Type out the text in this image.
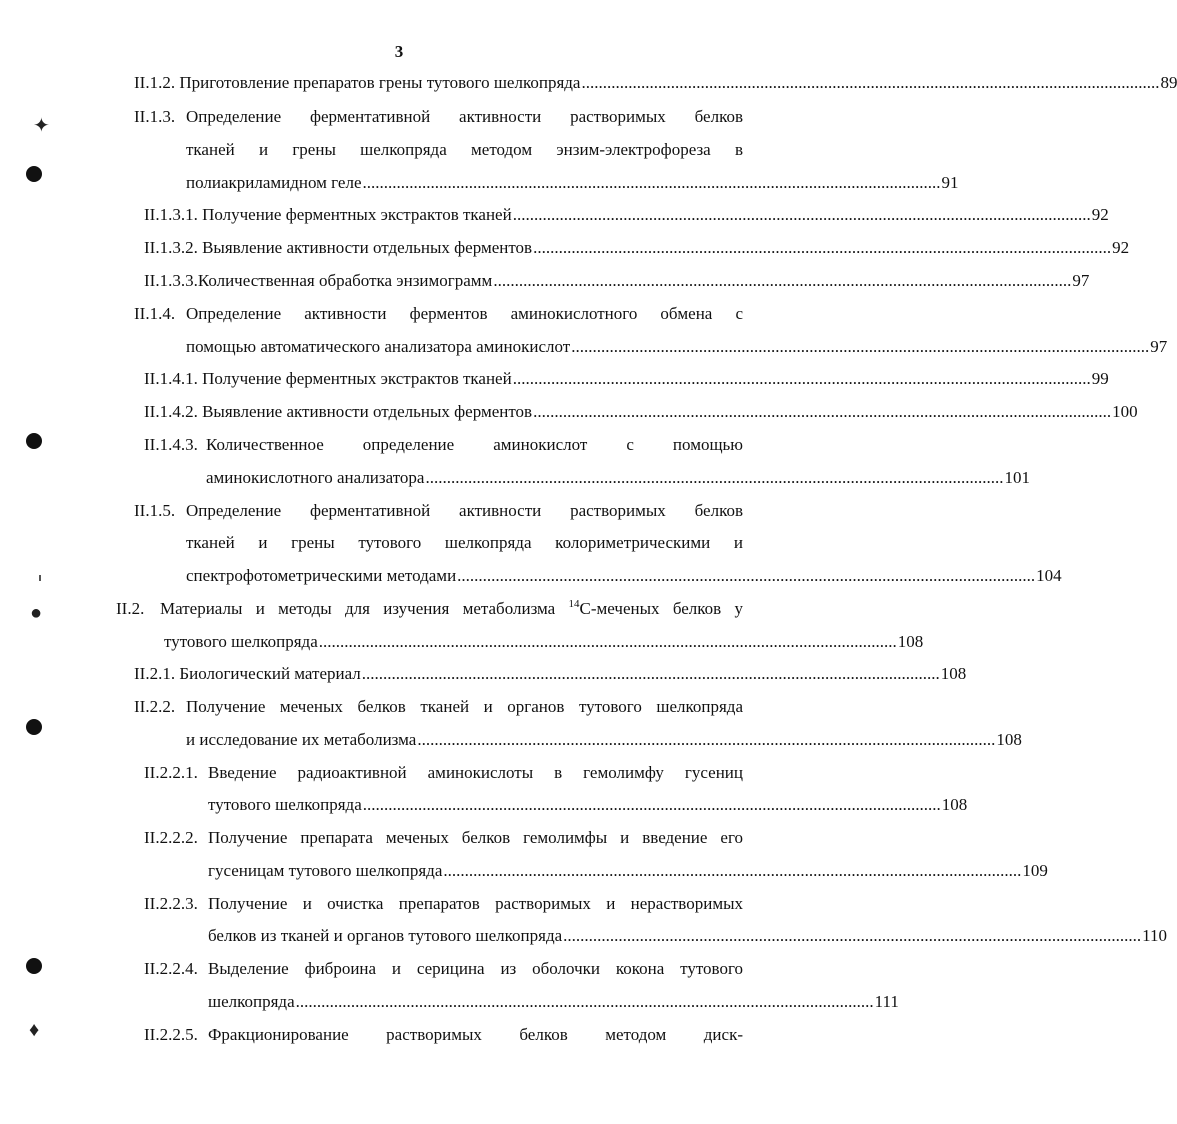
3
✦
●
♦
II.1.2. Приготовление препаратов грены тутового шелкопряда ........................................................................................................................................ 89
II.1.3. Определение ферментативной активности растворимых белков
тканей и грены шелкопряда методом энзим-электрофореза в
полиакриламидном геле ........................................................................................................................................ 91
II.1.3.1. Получение ферментных экстрактов тканей ........................................................................................................................................ 92
II.1.3.2. Выявление активности отдельных ферментов ........................................................................................................................................ 92
II.1.3.3.Количественная обработка энзимограмм ........................................................................................................................................ 97
II.1.4. Определение активности ферментов аминокислотного обмена с
помощью автоматического анализатора аминокислот ........................................................................................................................................ 97
II.1.4.1. Получение ферментных экстрактов тканей ........................................................................................................................................ 99
II.1.4.2. Выявление активности отдельных ферментов ........................................................................................................................................ 100
II.1.4.3. Количественное определение аминокислот с помощью
аминокислотного анализатора ........................................................................................................................................ 101
II.1.5. Определение ферментативной активности растворимых белков
тканей и грены тутового шелкопряда колориметрическими и
спектрофотометрическими методами ........................................................................................................................................ 104
II.2. Материалы и методы для изучения метаболизма $^{14}$С-меченых белков у
тутового шелкопряда ........................................................................................................................................ 108
II.2.1. Биологический материал ........................................................................................................................................ 108
II.2.2. Получение меченых белков тканей и органов тутового шелкопряда
и исследование их метаболизма ........................................................................................................................................ 108
II.2.2.1. Введение радиоактивной аминокислоты в гемолимфу гусениц
тутового шелкопряда ........................................................................................................................................ 108
II.2.2.2. Получение препарата меченых белков гемолимфы и введение его
гусеницам тутового шелкопряда ........................................................................................................................................ 109
II.2.2.3. Получение и очистка препаратов растворимых и нерастворимых
белков из тканей и органов тутового шелкопряда ........................................................................................................................................ 110
II.2.2.4. Выделение фиброина и серицина из оболочки кокона тутового
шелкопряда ........................................................................................................................................ 111
II.2.2.5. Фракционирование растворимых белков методом диск-
